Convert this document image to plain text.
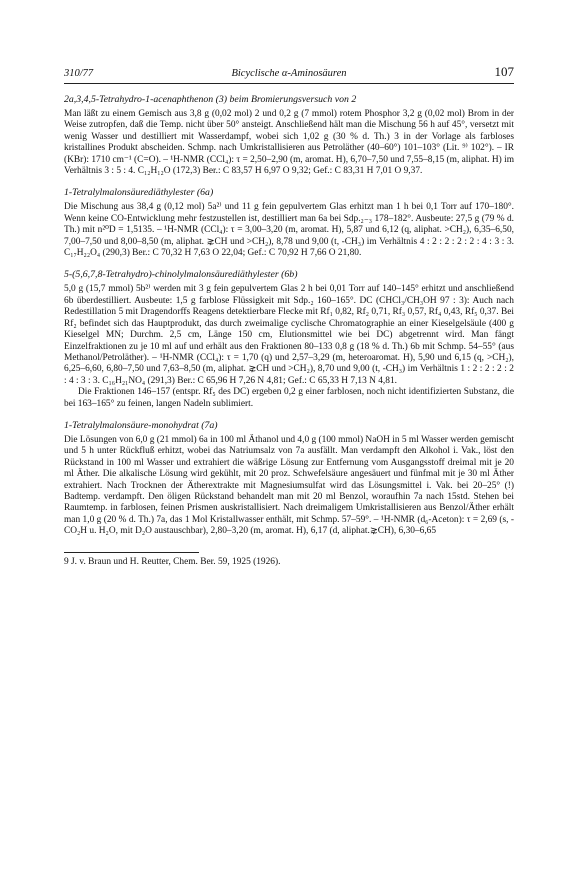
310/77	Bicyclische α-Aminosäuren	107
2a,3,4,5-Tetrahydro-1-acenaphthenon (3) beim Bromierungsversuch von 2

Man läßt zu einem Gemisch aus 3,8 g (0,02 mol) 2 und 0,2 g (7 mmol) rotem Phosphor 3,2 g (0,02 mol) Brom in der Weise zutropfen, daß die Temp. nicht über 50° ansteigt. Anschließend hält man die Mischung 56 h auf 45°, versetzt mit wenig Wasser und destilliert mit Wasserdampf, wobei sich 1,02 g (30 % d. Th.) 3 in der Vorlage als farbloses kristallines Produkt abscheiden. Schmp. nach Umkristallisieren aus Petroläther (40–60°) 101–103° (Lit. ⁹⁾ 102°). – IR (KBr): 1710 cm⁻¹ (C=O). – ¹H-NMR (CCl₄): τ = 2,50–2,90 (m, aromat. H), 6,70–7,50 und 7,55–8,15 (m, aliphat. H) im Verhältnis 3 : 5 : 4. C₁₂H₁₂O (172,3) Ber.: C 83,57 H 6,97 O 9,32; Gef.: C 83,31 H 7,01 O 9,37.

1-Tetralylmalonsäurediäthylester (6a)

Die Mischung aus 38,4 g (0,12 mol) 5a²⁾ und 11 g fein gepulvertem Glas erhitzt man 1 h bei 0,1 Torr auf 170–180°. Wenn keine CO-Entwicklung mehr festzustellen ist, destilliert man 6a bei Sdp.₂₋₃ 178–182°. Ausbeute: 27,5 g (79 % d. Th.) mit n²⁰D = 1,5135. – ¹H-NMR (CCl₄): τ = 3,00–3,20 (m, aromat. H), 5,87 und 6,12 (q, aliphat. >CH₂), 6,35–6,50, 7,00–7,50 und 8,00–8,50 (m, aliphat. ⋧CH und >CH₂), 8,78 und 9,00 (t, -CH₃) im Verhältnis 4 : 2 : 2 : 2 : 2 : 4 : 3 : 3. C₁₇H₂₂O₄ (290,3) Ber.: C 70,32 H 7,63 O 22,04; Gef.: C 70,92 H 7,66 O 21,80.

5-(5,6,7,8-Tetrahydro)-chinolylmalonsäurediäthylester (6b)

5,0 g (15,7 mmol) 5b²⁾ werden mit 3 g fein gepulvertem Glas 2 h bei 0,01 Torr auf 140–145° erhitzt und anschließend 6b überdestilliert. Ausbeute: 1,5 g farblose Flüssigkeit mit Sdp.₂ 160–165°. DC (CHCl₃/CH₃OH 97 : 3): Auch nach Redestillation 5 mit Dragendorffs Reagens detektierbare Flecke mit Rf₁ 0,82, Rf₂ 0,71, Rf₃ 0,57, Rf₄ 0,43, Rf₅ 0,37. Bei Rf₂ befindet sich das Hauptprodukt, das durch zweimalige cyclische Chromatographie an einer Kieselgelsäule (400 g Kieselgel MN; Durchm. 2,5 cm, Länge 150 cm, Elutionsmittel wie bei DC) abgetrennt wird. Man fängt Einzelfraktionen zu je 10 ml auf und erhält aus den Fraktionen 80–133 0,8 g (18 % d. Th.) 6b mit Schmp. 54–55° (aus Methanol/Petroläther). – ¹H-NMR (CCl₄): τ = 1,70 (q) und 2,57–3,29 (m, heteroaromat. H), 5,90 und 6,15 (q, >CH₂), 6,25–6,60, 6,80–7,50 und 7,63–8,50 (m, aliphat. ⋧CH und >CH₂), 8,70 und 9,00 (t, -CH₃) im Verhältnis 1 : 2 : 2 : 2 : 2 : 4 : 3 : 3. C₁₆H₂₁NO₄ (291,3) Ber.: C 65,96 H 7,26 N 4,81; Gef.: C 65,33 H 7,13 N 4,81.

Die Fraktionen 146–157 (entspr. Rf₅ des DC) ergeben 0,2 g einer farblosen, noch nicht identifizierten Substanz, die bei 163–165° zu feinen, langen Nadeln sublimiert.

1-Tetralylmalonsäure-monohydrat (7a)

Die Lösungen von 6,0 g (21 mmol) 6a in 100 ml Äthanol und 4,0 g (100 mmol) NaOH in 5 ml Wasser werden gemischt und 5 h unter Rückfluß erhitzt, wobei das Natriumsalz von 7a ausfällt. Man verdampft den Alkohol i. Vak., löst den Rückstand in 100 ml Wasser und extrahiert die wäßrige Lösung zur Entfernung vom Ausgangsstoff dreimal mit je 20 ml Äther. Die alkalische Lösung wird gekühlt, mit 20 proz. Schwefelsäure angesäuert und fünfmal mit je 30 ml Äther extrahiert. Nach Trocknen der Ätherextrakte mit Magnesiumsulfat wird das Lösungsmittel i. Vak. bei 20–25° (!) Badtemp. verdampft. Den öligen Rückstand behandelt man mit 20 ml Benzol, woraufhin 7a nach 15std. Stehen bei Raumtemp. in farblosen, feinen Prismen auskristallisiert. Nach dreimaligem Umkristallisieren aus Benzol/Äther erhält man 1,0 g (20 % d. Th.) 7a, das 1 Mol Kristallwasser enthält, mit Schmp. 57–59°. – ¹H-NMR (d₆-Aceton): τ = 2,69 (s, -CO₂H u. H₂O, mit D₂O austauschbar), 2,80–3,20 (m, aromat. H), 6,17 (d, aliphat.⋧CH), 6,30–6,65

9 J. v. Braun und H. Reutter, Chem. Ber. 59, 1925 (1926).
